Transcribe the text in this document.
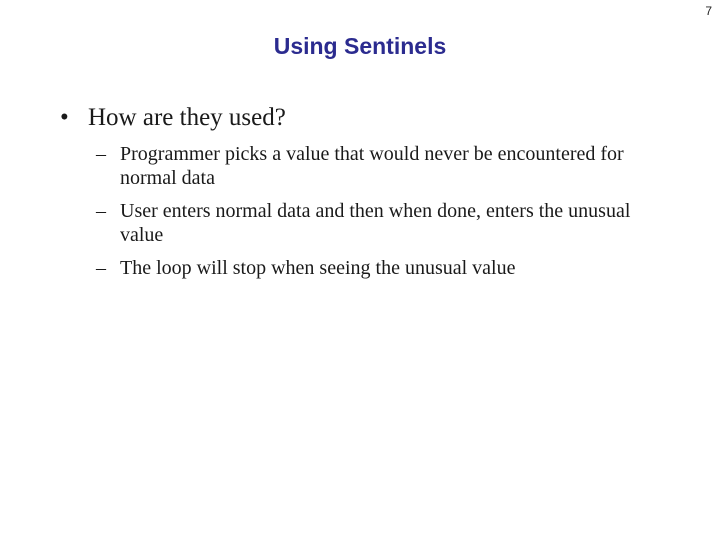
7
Using Sentinels
• How are they used?
– Programmer picks a value that would never be encountered for normal data
– User enters normal data and then when done, enters the unusual value
– The loop will stop when seeing the unusual value
